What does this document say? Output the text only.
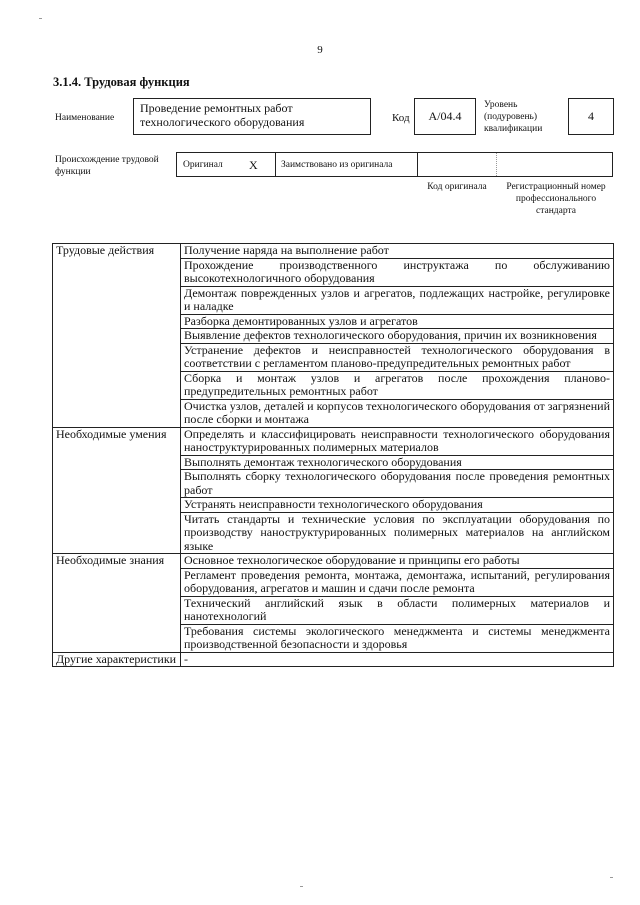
9
3.1.4. Трудовая функция
Наименование
Проведение ремонтных работ технологического оборудования	Код	A/04.4
Уровень (подуровень) квалификации
4
Происхождение трудовой функции
Оригинал X Заимствовано из оригинала
Код оригинала	Регистрационный номер профессионального стандарта
Трудовые действия	Получение наряда на выполнение работ
	Прохождение производственного инструктажа по обслуживанию высокотехнологичного оборудования
	Демонтаж поврежденных узлов и агрегатов, подлежащих настройке, регулировке и наладке
	Разборка демонтированных узлов и агрегатов
	Выявление дефектов технологического оборудования, причин их возникновения
	Устранение дефектов и неисправностей технологического оборудования в соответствии с регламентом планово-предупредительных ремонтных работ
	Сборка и монтаж узлов и агрегатов после прохождения планово-предупредительных ремонтных работ
	Очистка узлов, деталей и корпусов технологического оборудования от загрязнений после сборки и монтажа
Необходимые умения	Определять и классифицировать неисправности технологического оборудования наноструктурированных полимерных материалов
	Выполнять демонтаж технологического оборудования
	Выполнять сборку технологического оборудования после проведения ремонтных работ
	Устранять неисправности технологического оборудования
	Читать стандарты и технические условия по эксплуатации оборудования по производству наноструктурированных полимерных материалов на английском языке
Необходимые знания	Основное технологическое оборудование и принципы его работы
	Регламент проведения ремонта, монтажа, демонтажа, испытаний, регулирования оборудования, агрегатов и машин и сдачи после ремонта
	Технический английский язык в области полимерных материалов и нанотехнологий
	Требования системы экологического менеджмента и системы менеджмента производственной безопасности и здоровья
Другие характеристики	-
